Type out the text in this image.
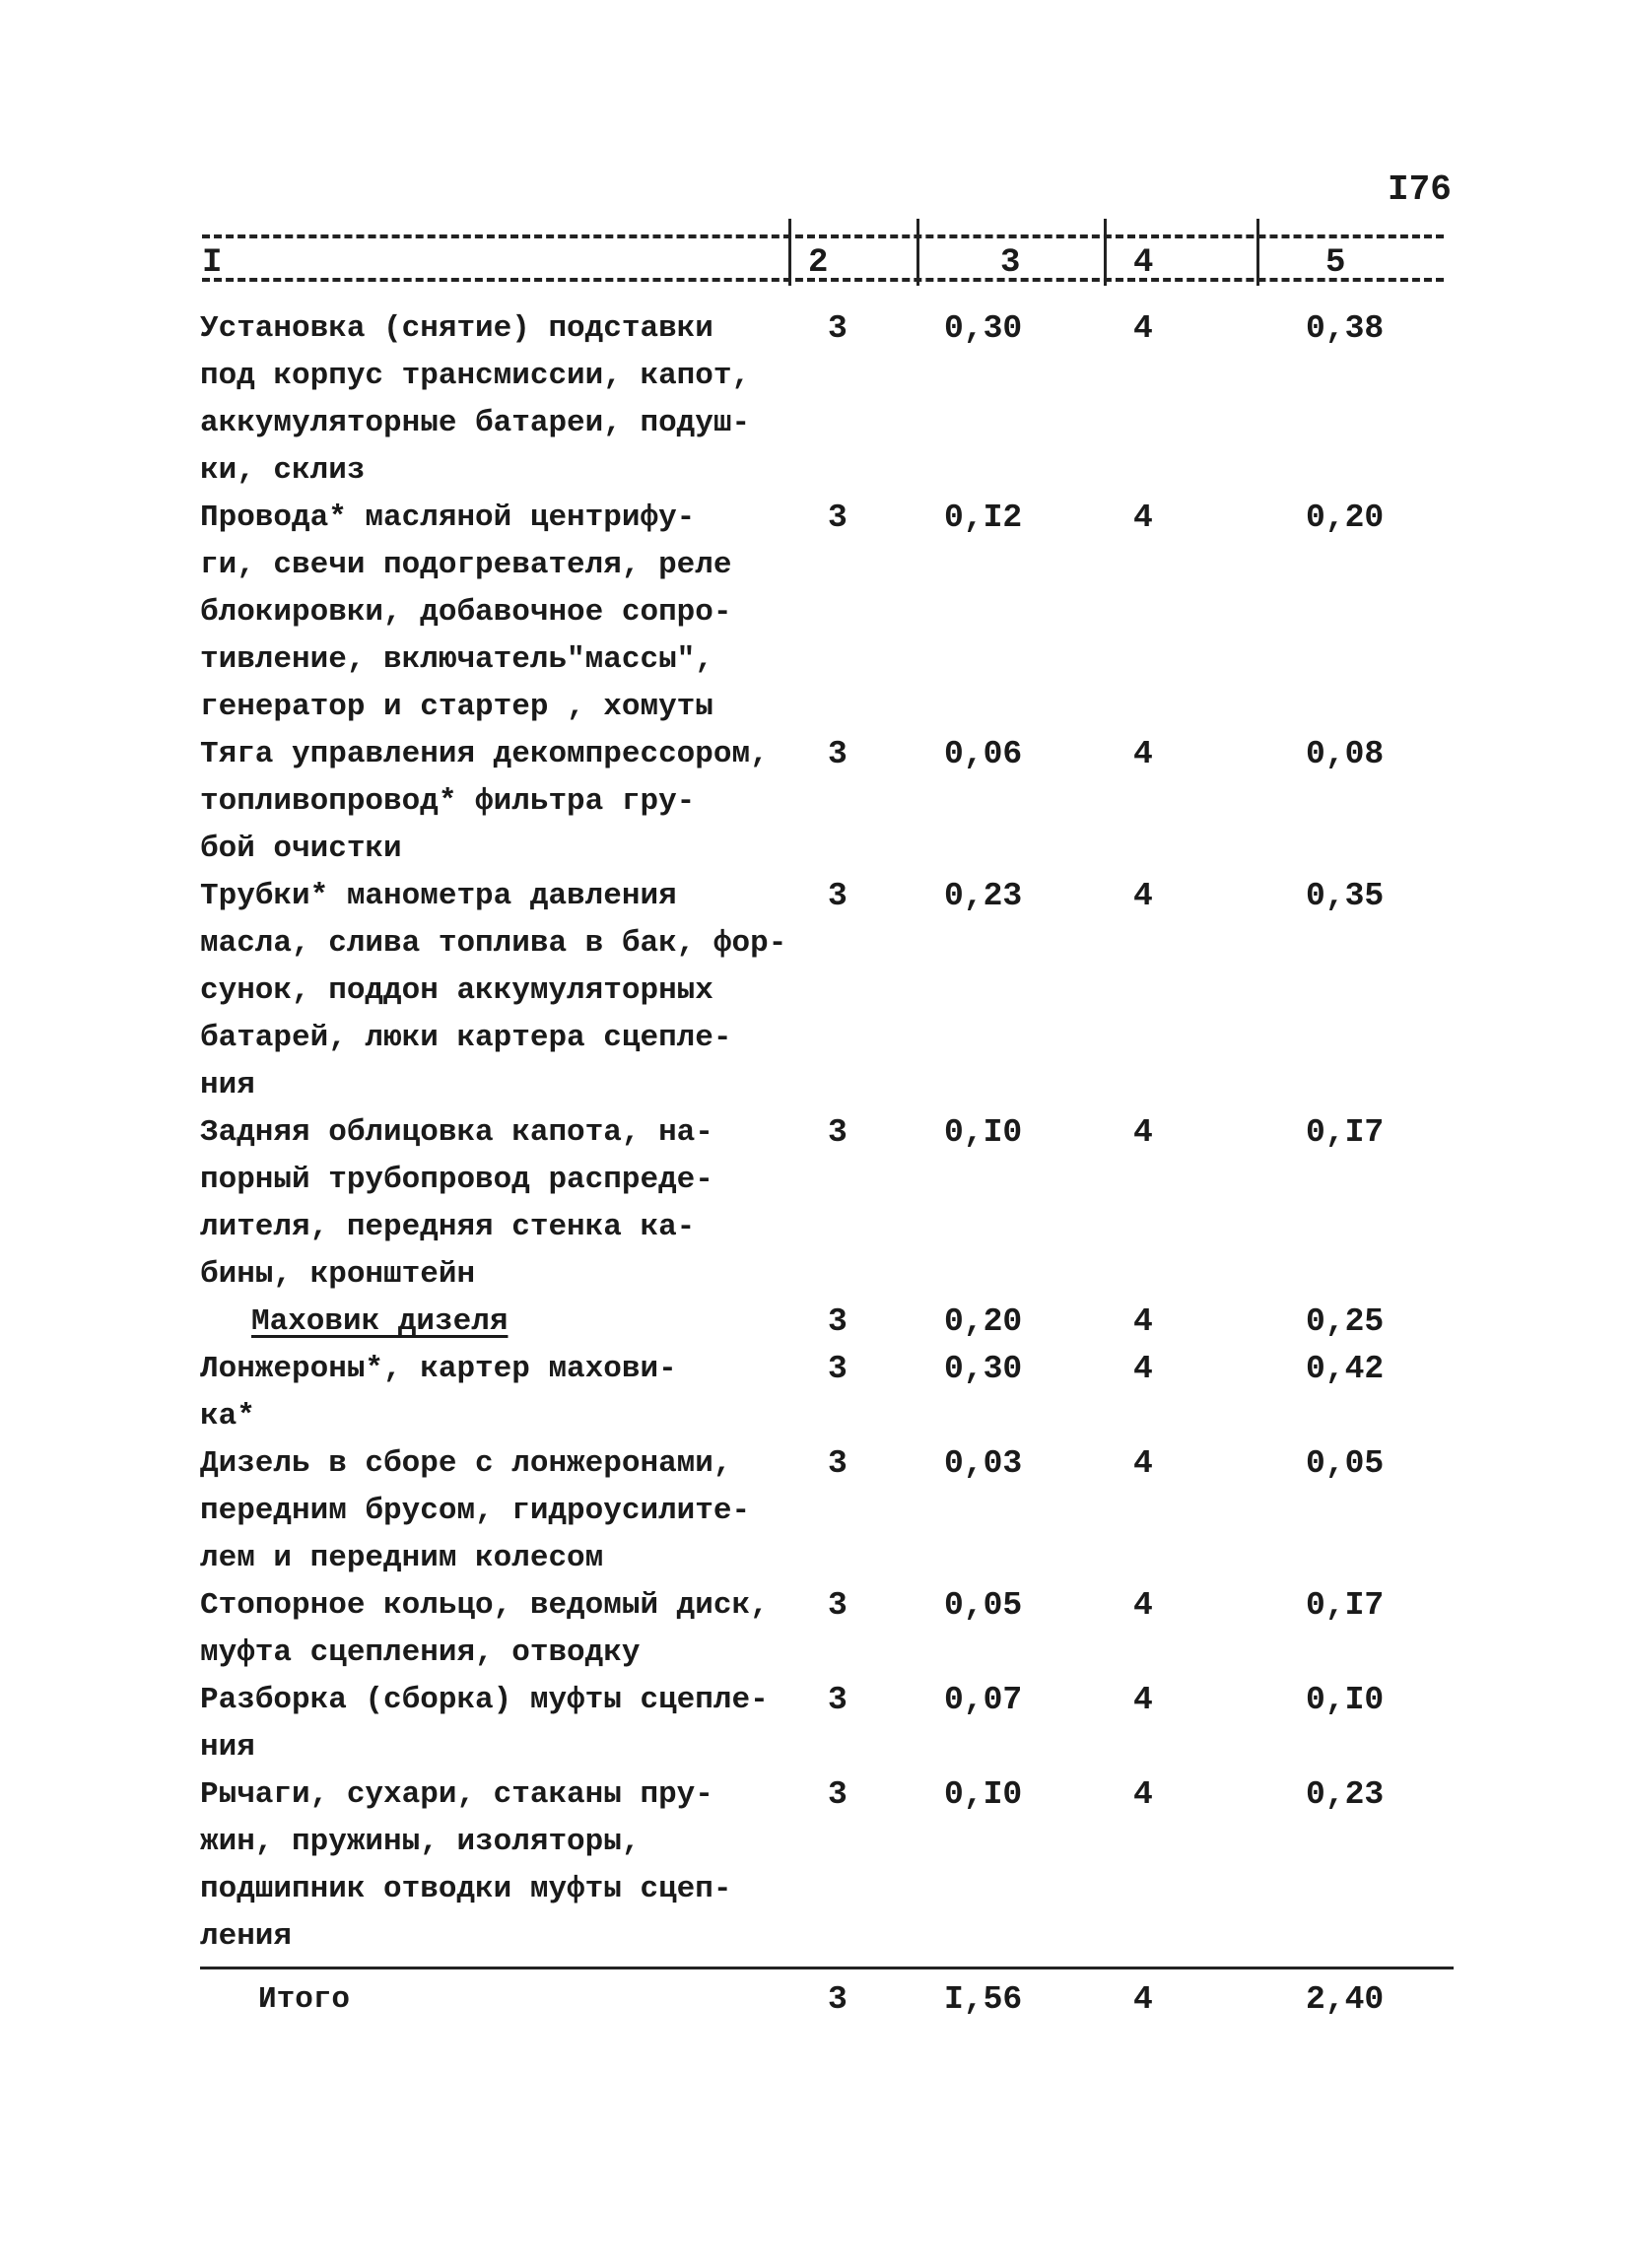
I76
I	2	3	4	5
Установка (снятие) подставки
под корпус трансмиссии, капот,
аккумуляторные батареи, подуш-
ки, склиз
3	0,30	4	0,38
Провода* масляной центрифу-
ги, свечи подогревателя, реле
блокировки, добавочное сопро-
тивление, включатель"массы",
генератор и стартер , хомуты
3	0,I2	4	0,20
Тяга управления декомпрессором,
топливопровод* фильтра гру-
бой очистки
3	0,06	4	0,08
Трубки* манометра давления
масла, слива топлива в бак, фор-
сунок, поддон аккумуляторных
батарей, люки картера сцепле-
ния
3	0,23	4	0,35
Задняя облицовка капота, на-
порный трубопровод распреде-
лителя, передняя стенка ка-
бины, кронштейн
3	0,I0	4	0,I7
Маховик дизеля	3	0,20	4	0,25
Лонжероны*, картер махови-
ка*
3	0,30	4	0,42
Дизель в сборе с лонжеронами,
передним брусом, гидроусилите-
лем и передним колесом
3	0,03	4	0,05
Стопорное кольцо, ведомый диск,
муфта сцепления, отводку
3	0,05	4	0,I7
Разборка (сборка) муфты сцепле-
ния
3	0,07	4	0,I0
Рычаги, сухари, стаканы пру-
жин, пружины, изоляторы,
подшипник отводки муфты сцеп-
ления
3	0,I0	4	0,23
Итого	3	I,56	4	2,40
